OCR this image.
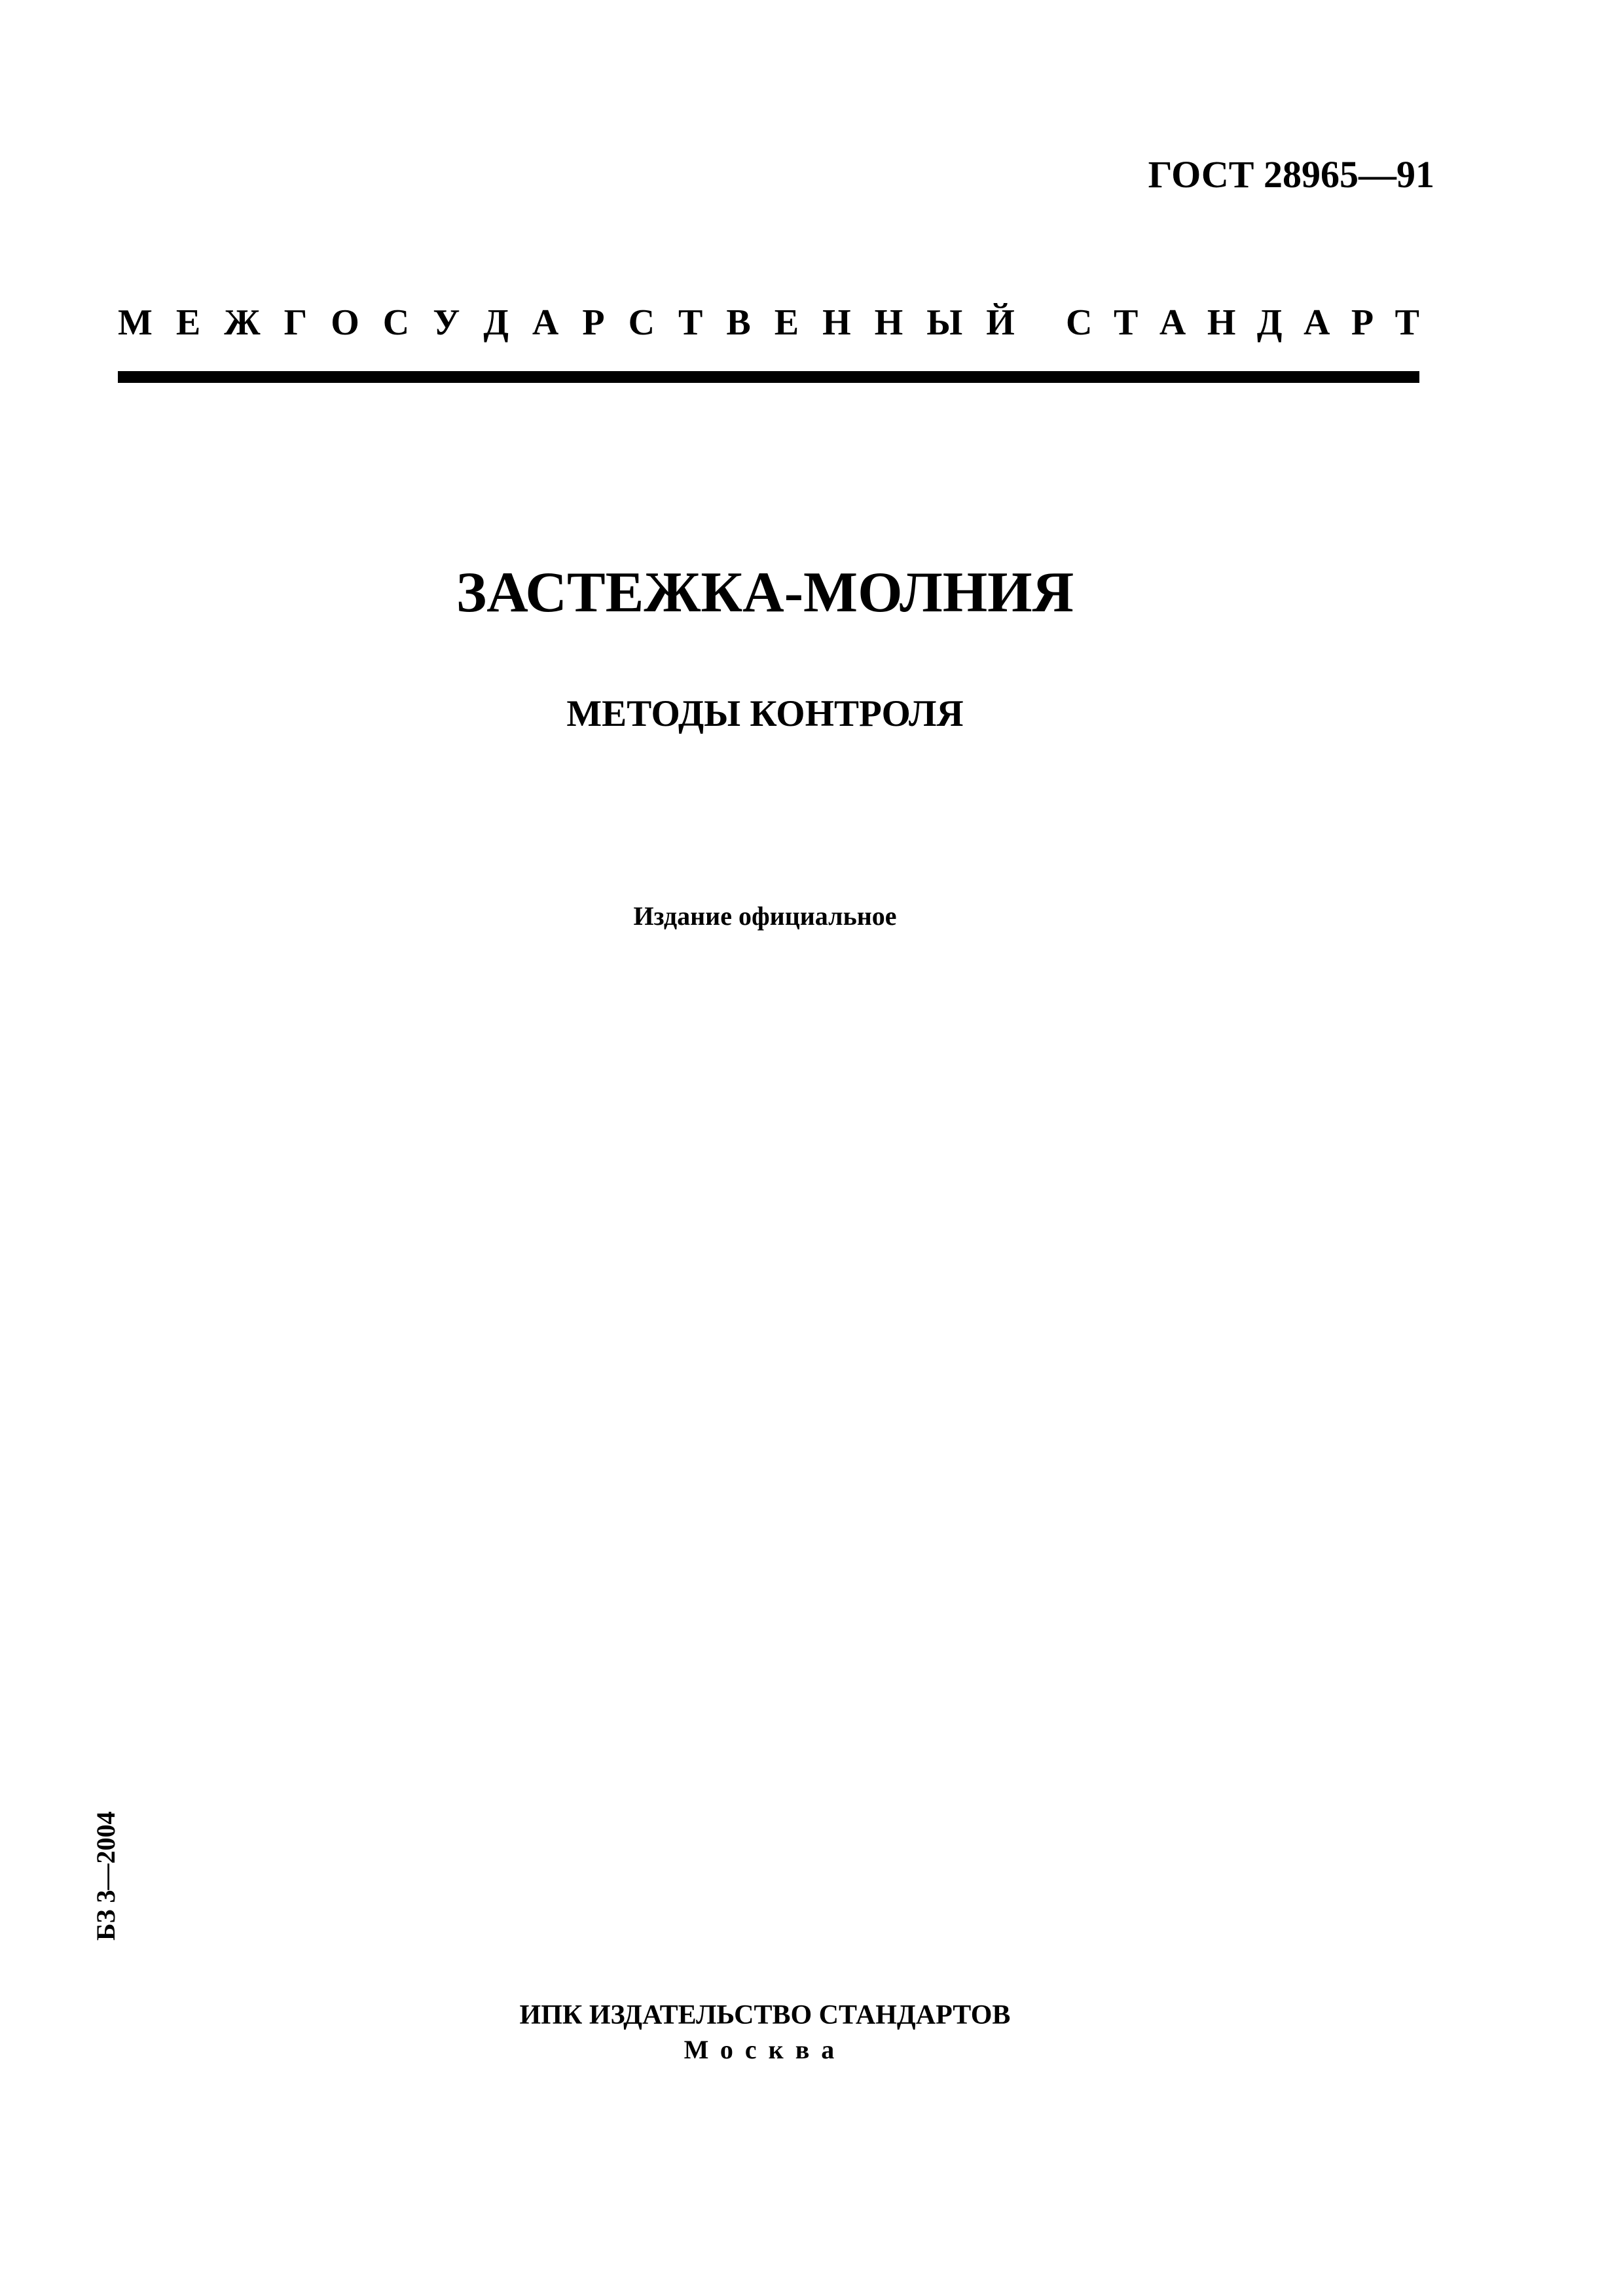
ГОСТ 28965—91
М Е Ж Г О С У Д А Р С Т В Е Н Н Ы Й С Т А Н Д А Р Т
ЗАСТЕЖКА-МОЛНИЯ
МЕТОДЫ КОНТРОЛЯ
Издание официальное
БЗ 3—2004
ИПК ИЗДАТЕЛЬСТВО СТАНДАРТОВ
Москва
